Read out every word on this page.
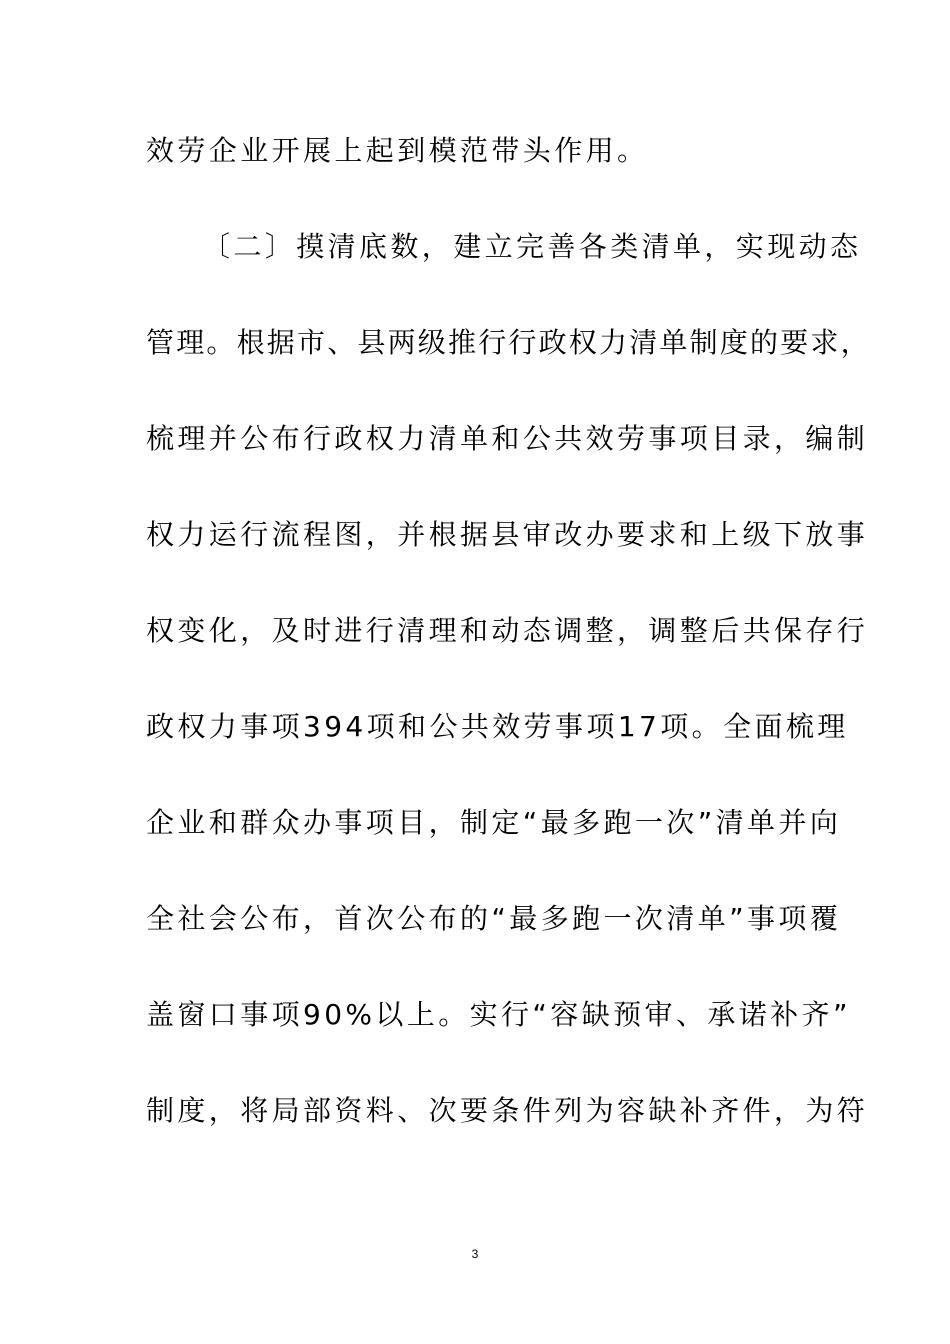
效劳企业开展上起到模范带头作用。
〔二〕摸清底数，建立完善各类清单，实现动态
管理。根据市、县两级推行行政权力清单制度的要求，
梳理并公布行政权力清单和公共效劳事项目录，编制
权力运行流程图，并根据县审改办要求和上级下放事
权变化，及时进行清理和动态调整，调整后共保存行
政权力事项394项和公共效劳事项17项。全面梳理
企业和群众办事项目，制定“最多跑一次”清单并向
全社会公布，首次公布的“最多跑一次清单”事项覆
盖窗口事项90%以上。实行“容缺预审、承诺补齐”
制度，将局部资料、次要条件列为容缺补齐件，为符
3
